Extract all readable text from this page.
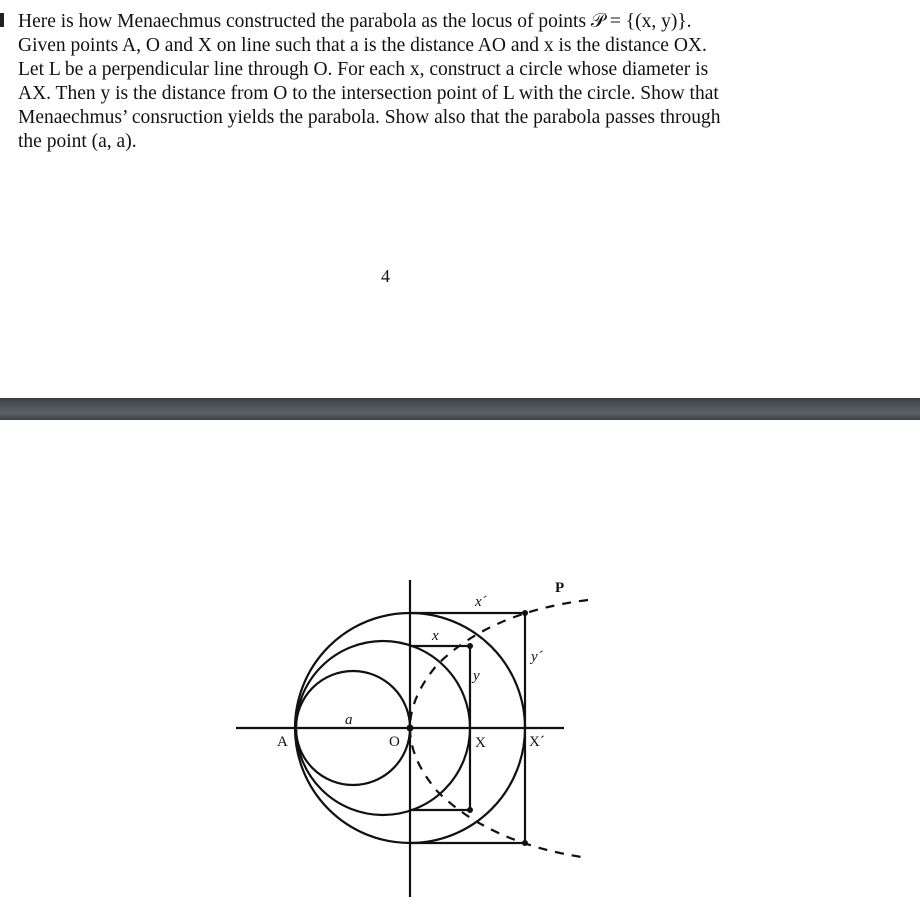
Here is how Menaechmus constructed the parabola as the locus of points 𝒫 = {(x, y)}.
Given points A, O and X on line such that a is the distance AO and x is the distance OX.
Let L be a perpendicular line through O. For each x, construct a circle whose diameter is
AX. Then y is the distance from O to the intersection point of L with the circle. Show that
Menaechmus’ consruction yields the parabola. Show also that the parabola passes through
the point (a, a).
4
A	O	X	X´
a
x
y
x´
y´
P
